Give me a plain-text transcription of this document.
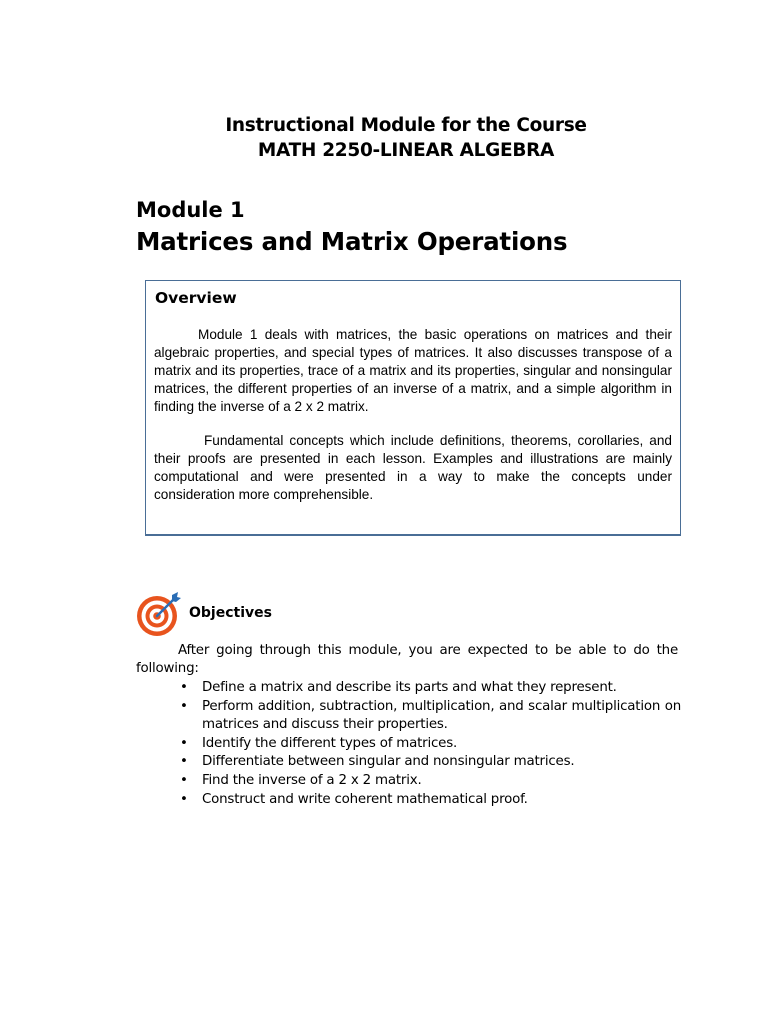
Instructional Module for the Course
MATH 2250-LINEAR ALGEBRA
Module 1
Matrices and Matrix Operations
Overview

Module 1 deals with matrices, the basic operations on matrices and their algebraic properties, and special types of matrices. It also discusses transpose of a matrix and its properties, trace of a matrix and its properties, singular and nonsingular matrices, the different properties of an inverse of a matrix, and a simple algorithm in finding the inverse of a 2 x 2 matrix.

Fundamental concepts which include definitions, theorems, corollaries, and their proofs are presented in each lesson. Examples and illustrations are mainly computational and were presented in a way to make the concepts under consideration more comprehensible.

Objectives

After going through this module, you are expected to be able to do the following:

• Define a matrix and describe its parts and what they represent.
• Perform addition, subtraction, multiplication, and scalar multiplication on matrices and discuss their properties.
• Identify the different types of matrices.
• Differentiate between singular and nonsingular matrices.
• Find the inverse of a 2 x 2 matrix.
• Construct and write coherent mathematical proof.
